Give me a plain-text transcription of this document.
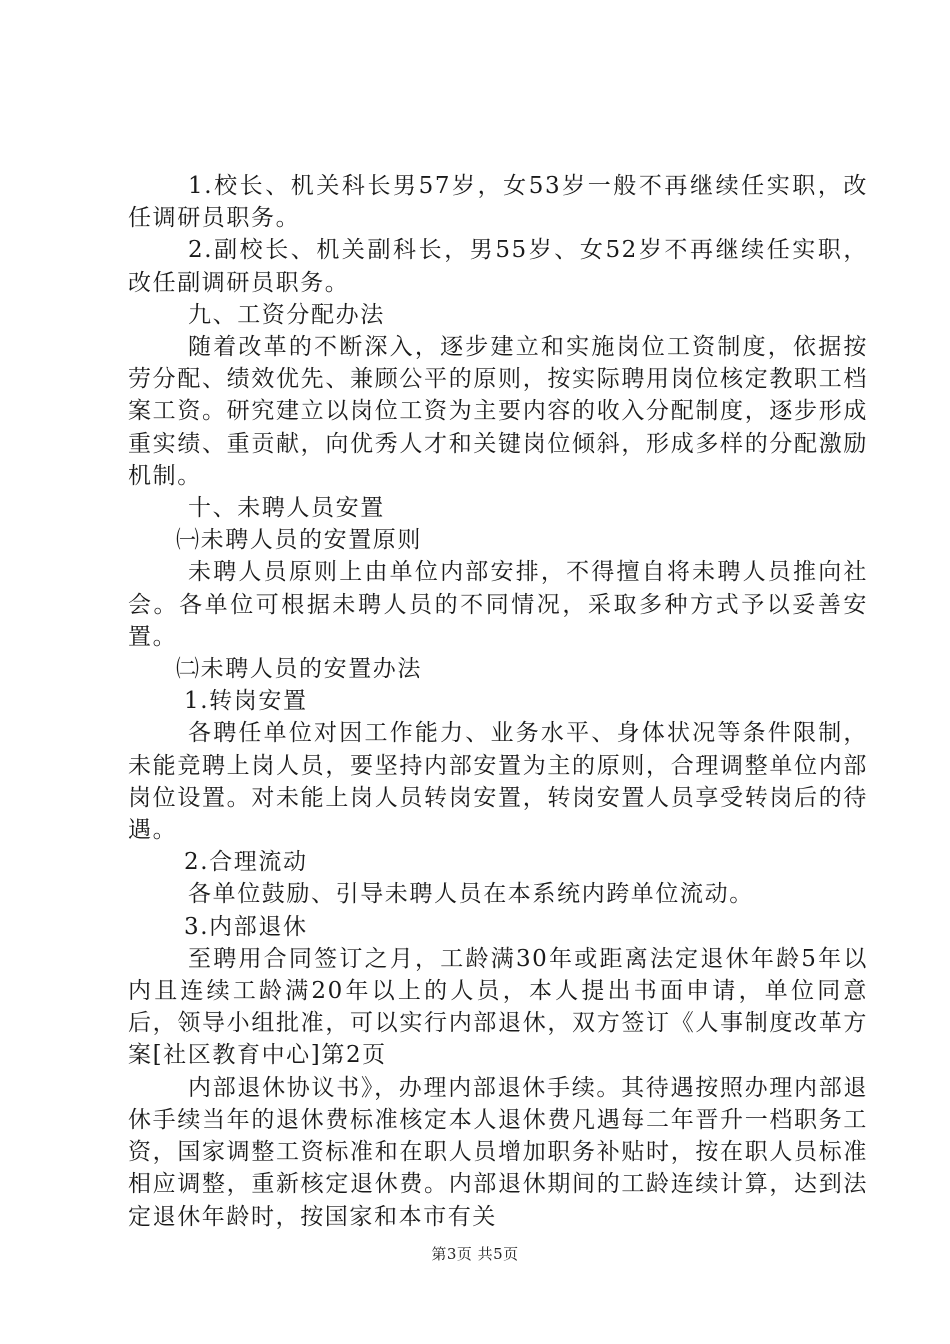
1.校长、机关科长男57岁，女53岁一般不再继续任实职，改任调研员职务。

2.副校长、机关副科长，男55岁、女52岁不再继续任实职，改任副调研员职务。

九、工资分配办法

随着改革的不断深入，逐步建立和实施岗位工资制度，依据按劳分配、绩效优先、兼顾公平的原则，按实际聘用岗位核定教职工档案工资。研究建立以岗位工资为主要内容的收入分配制度，逐步形成重实绩、重贡献，向优秀人才和关键岗位倾斜，形成多样的分配激励机制。

十、未聘人员安置

㈠未聘人员的安置原则

未聘人员原则上由单位内部安排，不得擅自将未聘人员推向社会。各单位可根据未聘人员的不同情况，采取多种方式予以妥善安置。

㈡未聘人员的安置办法

1.转岗安置

各聘任单位对因工作能力、业务水平、身体状况等条件限制，未能竞聘上岗人员，要坚持内部安置为主的原则，合理调整单位内部岗位设置。对未能上岗人员转岗安置，转岗安置人员享受转岗后的待遇。

2.合理流动

各单位鼓励、引导未聘人员在本系统内跨单位流动。

3.内部退休

至聘用合同签订之月，工龄满30年或距离法定退休年龄5年以内且连续工龄满20年以上的人员，本人提出书面申请，单位同意后，领导小组批准，可以实行内部退休，双方签订《人事制度改革方案[社区教育中心]第2页

内部退休协议书》，办理内部退休手续。其待遇按照办理内部退休手续当年的退休费标准核定本人退休费凡遇每二年晋升一档职务工资，国家调整工资标准和在职人员增加职务补贴时，按在职人员标准相应调整，重新核定退休费。内部退休期间的工龄连续计算，达到法定退休年龄时，按国家和本市有关

第3页 共5页
